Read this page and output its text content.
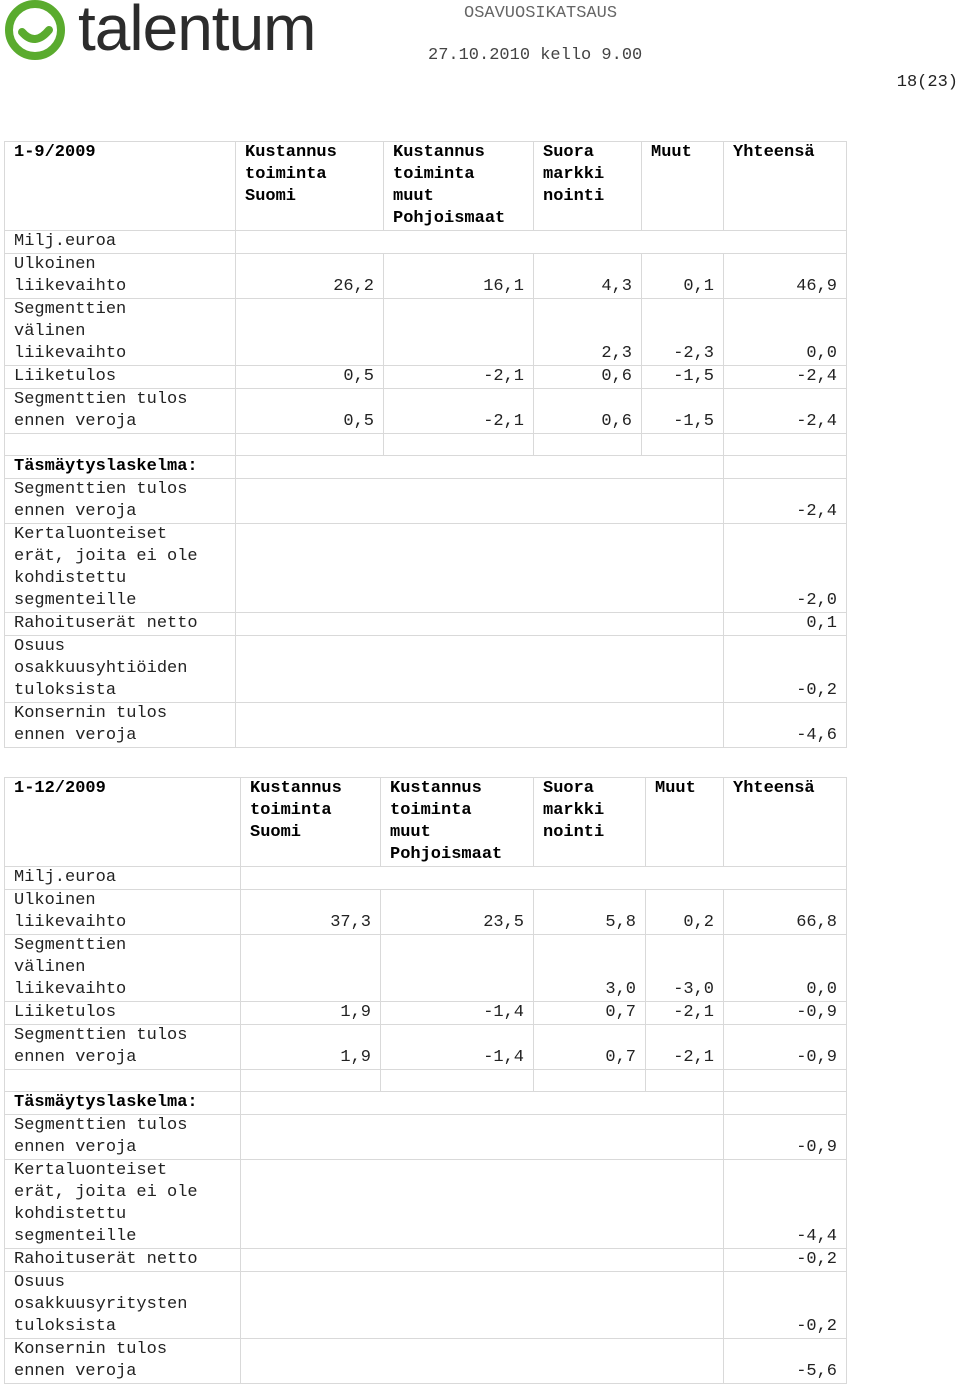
talentum	OSAVUOSIKATSAUS
27.10.2010 kello 9.00
18(23)
1-9/2009	Kustannus
toiminta
Suomi	Kustannus
toiminta
muut
Pohjoismaat	Suora
markki
nointi	Muut	Yhteensä
Milj.euroa					
Ulkoinen
liikevaihto	26,2	16,1	4,3	0,1	46,9
Segmenttien
välinen
liikevaihto			2,3	-2,3	0,0
Liiketulos	0,5	-2,1	0,6	-1,5	-2,4
Segmenttien tulos
ennen veroja	0,5	-2,1	0,6	-1,5	-2,4

Täsmäytyslaskelma:					
Segmenttien tulos
ennen veroja					-2,4
Kertaluonteiset
erät, joita ei ole
kohdistettu
segmenteille					-2,0
Rahoituserät netto					0,1
Osuus
osakkuusyhtiöiden
tuloksista					-0,2
Konsernin tulos
ennen veroja					-4,6
1-12/2009	Kustannus
toiminta
Suomi	Kustannus
toiminta
muut
Pohjoismaat	Suora
markki
nointi	Muut	Yhteensä
Milj.euroa					
Ulkoinen
liikevaihto	37,3	23,5	5,8	0,2	66,8
Segmenttien
välinen
liikevaihto			3,0	-3,0	0,0
Liiketulos	1,9	-1,4	0,7	-2,1	-0,9
Segmenttien tulos
ennen veroja	1,9	-1,4	0,7	-2,1	-0,9

Täsmäytyslaskelma:					
Segmenttien tulos
ennen veroja					-0,9
Kertaluonteiset
erät, joita ei ole
kohdistettu
segmenteille					-4,4
Rahoituserät netto					-0,2
Osuus
osakkuusyritysten
tuloksista					-0,2
Konsernin tulos
ennen veroja					-5,6
